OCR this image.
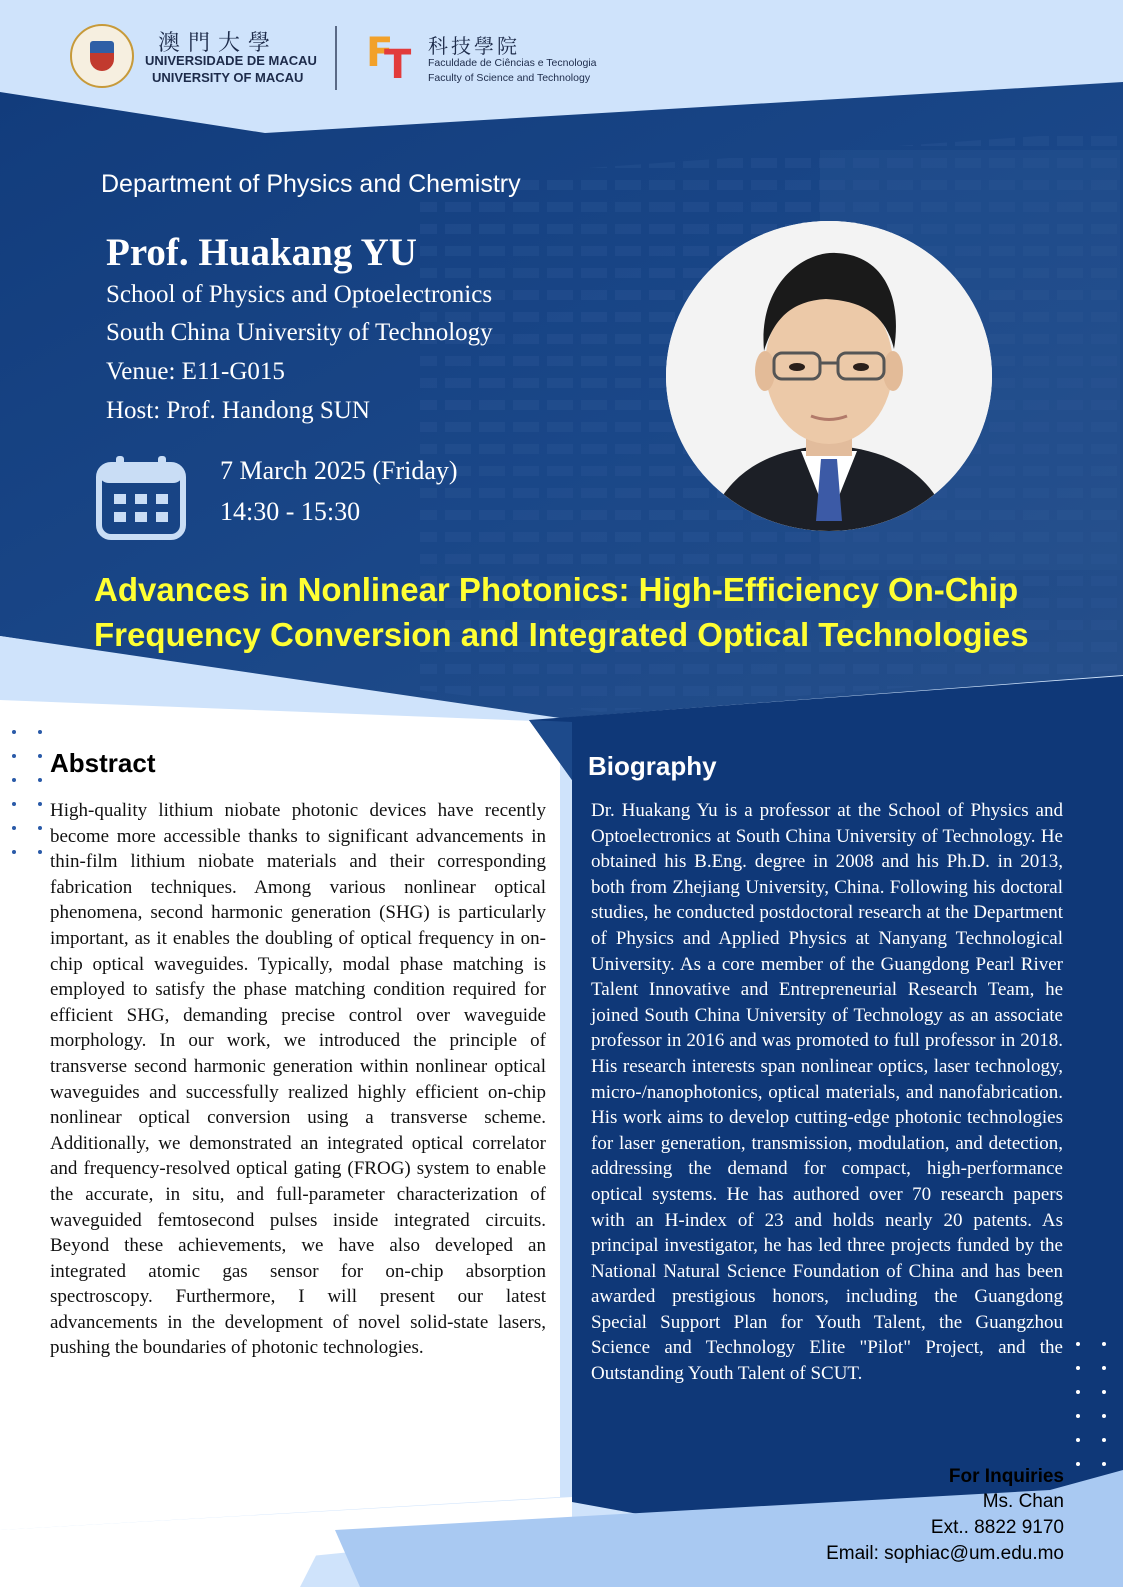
澳門大學
UNIVERSIDADE DE MACAU
UNIVERSITY OF MACAU
F
T 科技學院
Faculdade de Ciências e Tecnologia
Faculty of Science and Technology
Department of Physics and Chemistry
Prof. Huakang YU
School of Physics and Optoelectronics
South China University of Technology
Venue: E11-G015
Host: Prof. Handong SUN
7 March 2025 (Friday)
14:30 - 15:30
Advances in Nonlinear Photonics: High-Efficiency On-Chip Frequency Conversion and Integrated Optical Technologies
Abstract

High-quality lithium niobate photonic devices have recently become more accessible thanks to significant advancements in thin-film lithium niobate materials and their corresponding fabrication techniques. Among various nonlinear optical phenomena, second harmonic generation (SHG) is particularly important, as it enables the doubling of optical frequency in on-chip optical waveguides. Typically, modal phase matching is employed to satisfy the phase matching condition required for efficient SHG, demanding precise control over waveguide morphology. In our work, we introduced the principle of transverse second harmonic generation within nonlinear optical waveguides and successfully realized highly efficient on-chip nonlinear optical conversion using a transverse scheme. Additionally, we demonstrated an integrated optical correlator and frequency-resolved optical gating (FROG) system to enable the accurate, in situ, and full-parameter characterization of waveguided femtosecond pulses inside integrated circuits. Beyond these achievements, we have also developed an integrated atomic gas sensor for on-chip absorption spectroscopy. Furthermore, I will present our latest advancements in the development of novel solid-state lasers, pushing the boundaries of photonic technologies.

Biography

Dr. Huakang Yu is a professor at the School of Physics and Optoelectronics at South China University of Technology. He obtained his B.Eng. degree in 2008 and his Ph.D. in 2013, both from Zhejiang University, China. Following his doctoral studies, he conducted postdoctoral research at the Department of Physics and Applied Physics at Nanyang Technological University. As a core member of the Guangdong Pearl River Talent Innovative and Entrepreneurial Research Team, he joined South China University of Technology as an associate professor in 2016 and was promoted to full professor in 2018. His research interests span nonlinear optics, laser technology, micro-/nanophotonics, optical materials, and nanofabrication. His work aims to develop cutting-edge photonic technologies for laser generation, transmission, modulation, and detection, addressing the demand for compact, high-performance optical systems. He has authored over 70 research papers with an H-index of 23 and holds nearly 20 patents. As principal investigator, he has led three projects funded by the National Natural Science Foundation of China and has been awarded prestigious honors, including the Guangdong Special Support Plan for Youth Talent, the Guangzhou Science and Technology Elite "Pilot" Project, and the Outstanding Youth Talent of SCUT.

For Inquiries
Ms. Chan
Ext.. 8822 9170
Email: sophiac@um.edu.mo
